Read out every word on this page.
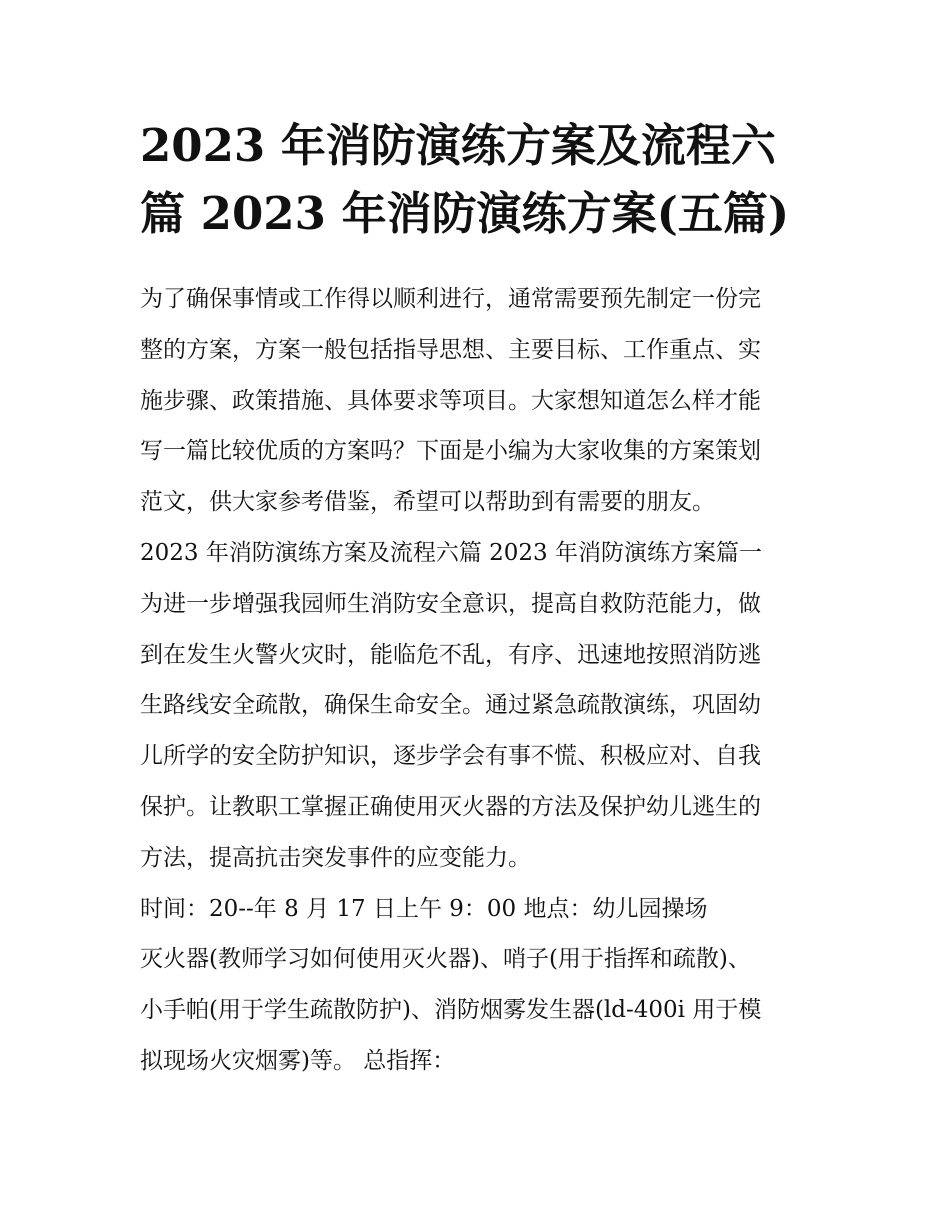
2023 年消防演练方案及流程六
篇 2023 年消防演练方案(五篇)

为了确保事情或工作得以顺利进行，通常需要预先制定一份完
整的方案，方案一般包括指导思想、主要目标、工作重点、实
施步骤、政策措施、具体要求等项目。大家想知道怎么样才能
写一篇比较优质的方案吗？下面是小编为大家收集的方案策划
范文，供大家参考借鉴，希望可以帮助到有需要的朋友。

2023 年消防演练方案及流程六篇 2023 年消防演练方案篇一

为进一步增强我园师生消防安全意识，提高自救防范能力，做
到在发生火警火灾时，能临危不乱，有序、迅速地按照消防逃
生路线安全疏散，确保生命安全。通过紧急疏散演练，巩固幼
儿所学的安全防护知识，逐步学会有事不慌、积极应对、自我
保护。让教职工掌握正确使用灭火器的方法及保护幼儿逃生的
方法，提高抗击突发事件的应变能力。

时间：20--年 8 月 17 日上午 9：00 地点：幼儿园操场

灭火器(教师学习如何使用灭火器)、哨子(用于指挥和疏散)、
小手帕(用于学生疏散防护)、消防烟雾发生器(ld-400i 用于模
拟现场火灾烟雾)等。 总指挥：
